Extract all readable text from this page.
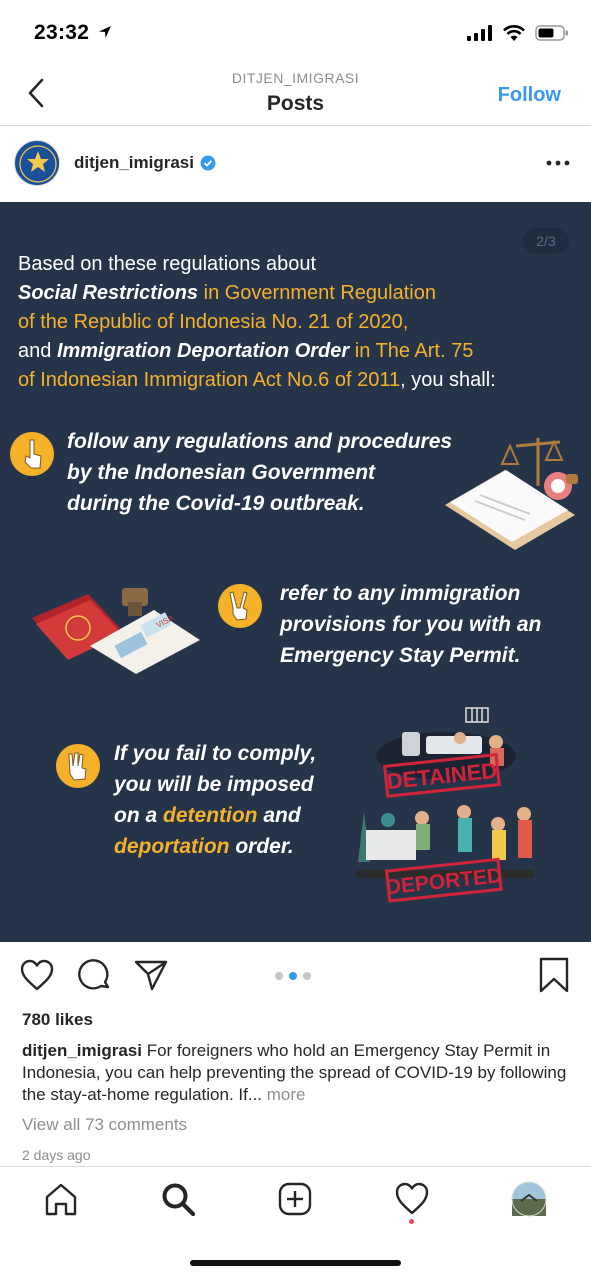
23:32
DITJEN_IMIGRASI
Posts	Follow
ditjen_imigrasi
2/3
Based on these regulations about
Social Restrictions in Government Regulation
of the Republic of Indonesia No. 21 of 2020,
and Immigration Deportation Order in The Art. 75
of Indonesian Immigration Act No.6 of 2011, you shall:
follow any regulations and procedures
by the Indonesian Government
during the Covid-19 outbreak.
VISA
refer to any immigration
provisions for you with an
Emergency Stay Permit.
If you fail to comply,
you will be imposed
on a detention and
deportation order.
DETAINED
DEPORTED
780 likes
ditjen_imigrasi For foreigners who hold an Emergency Stay Permit in Indonesia, you can help preventing the spread of COVID-19 by following the stay-at-home regulation. If... more
View all 73 comments
2 days ago
